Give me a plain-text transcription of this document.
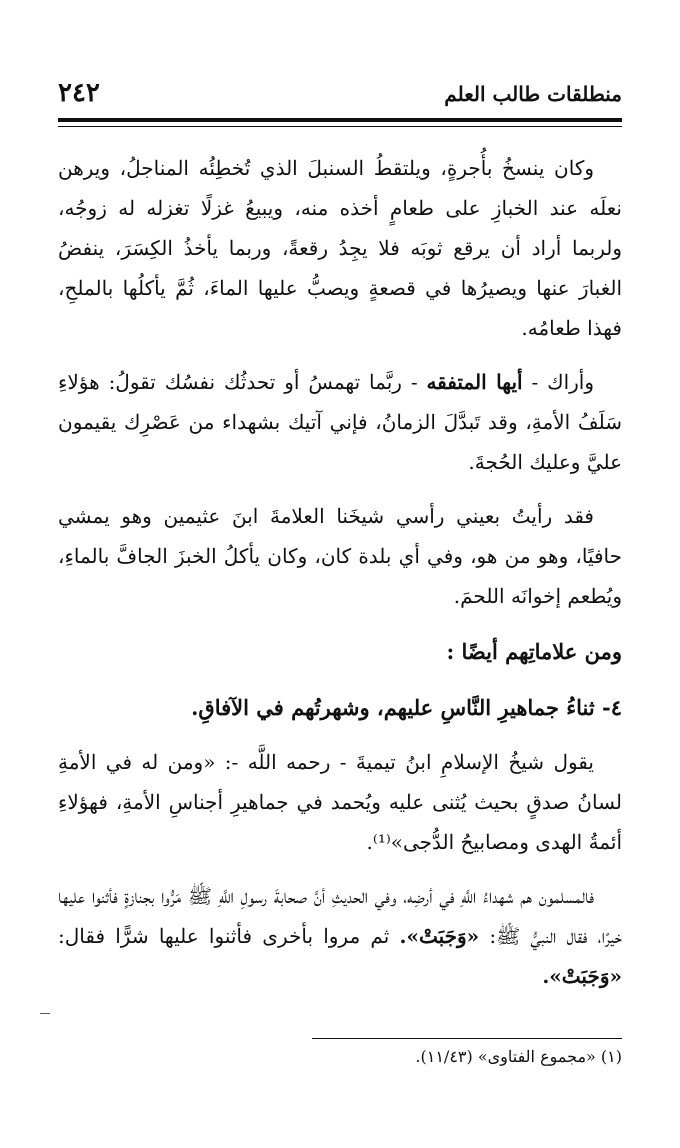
٢٤٢	منطلقات طالب العلم

وكان ينسخُ بأُجرةٍ، ويلتقطُ السنبلَ الذي تُخطِئُه المناجلُ، ويرهن نعلَه عند الخبازِ على طعامٍ أخذه منه، ويبيعُ غزلًا تغزله له زوجُه، ولربما أراد أن يرقع ثوبَه فلا يجِدُ رقعةً، وربما يأخذُ الكِسَرَ، ينفضُ الغبارَ عنها ويصيرُها في قصعةٍ ويصبُّ عليها الماءَ، ثُمَّ يأكلُها بالملحِ، فهذا طعامُه.

وأراك - أيها المتفقه - ربَّما تهمسُ أو تحدثُك نفسُك تقولُ: هؤلاءِ سَلَفُ الأمةِ، وقد تَبدَّلَ الزمانُ، فإني آتيك بشهداء من عَصْرِك يقيمون عليَّ وعليك الحُجةَ.

فقد رأيتُ بعيني رأسي شيخَنا العلامةَ ابنَ عثيمين وهو يمشي حافيًا، وهو من هو، وفي أي بلدة كان، وكان يأكلُ الخبزَ الجافَّ بالماءِ، ويُطعم إخوانَه اللحمَ.

ومن علاماتِهم أيضًا :
٤- ثناءُ جماهيرِ النَّاسِ عليهم، وشهرتُهم في الآفاقِ.

يقول شيخُ الإسلامِ ابنُ تيميةَ - رحمه اللَّه -: «ومن له في الأمةِ لسانُ صدقٍ بحيث يُثنى عليه ويُحمد في جماهيرِ أجناسِ الأمةِ، فهؤلاءِ أئمةُ الهدى ومصابيحُ الدُّجى»⁽¹⁾.

فالمسلمون هم شهداءُ اللَّهِ في أرضِه، وفي الحديثِ أنَّ صحابةَ رسولِ اللَّهِ ﷺ مَرُّوا بجنازةٍ فأثنوا عليها خيرًا، فقال النبيُّ ﷺ: «وَجَبَتْ». ثم مروا بأخرى فأثنوا عليها شرًّا فقال: «وَجَبَتْ».

(١) «مجموع الفتاوى» (١١/٤٣).
